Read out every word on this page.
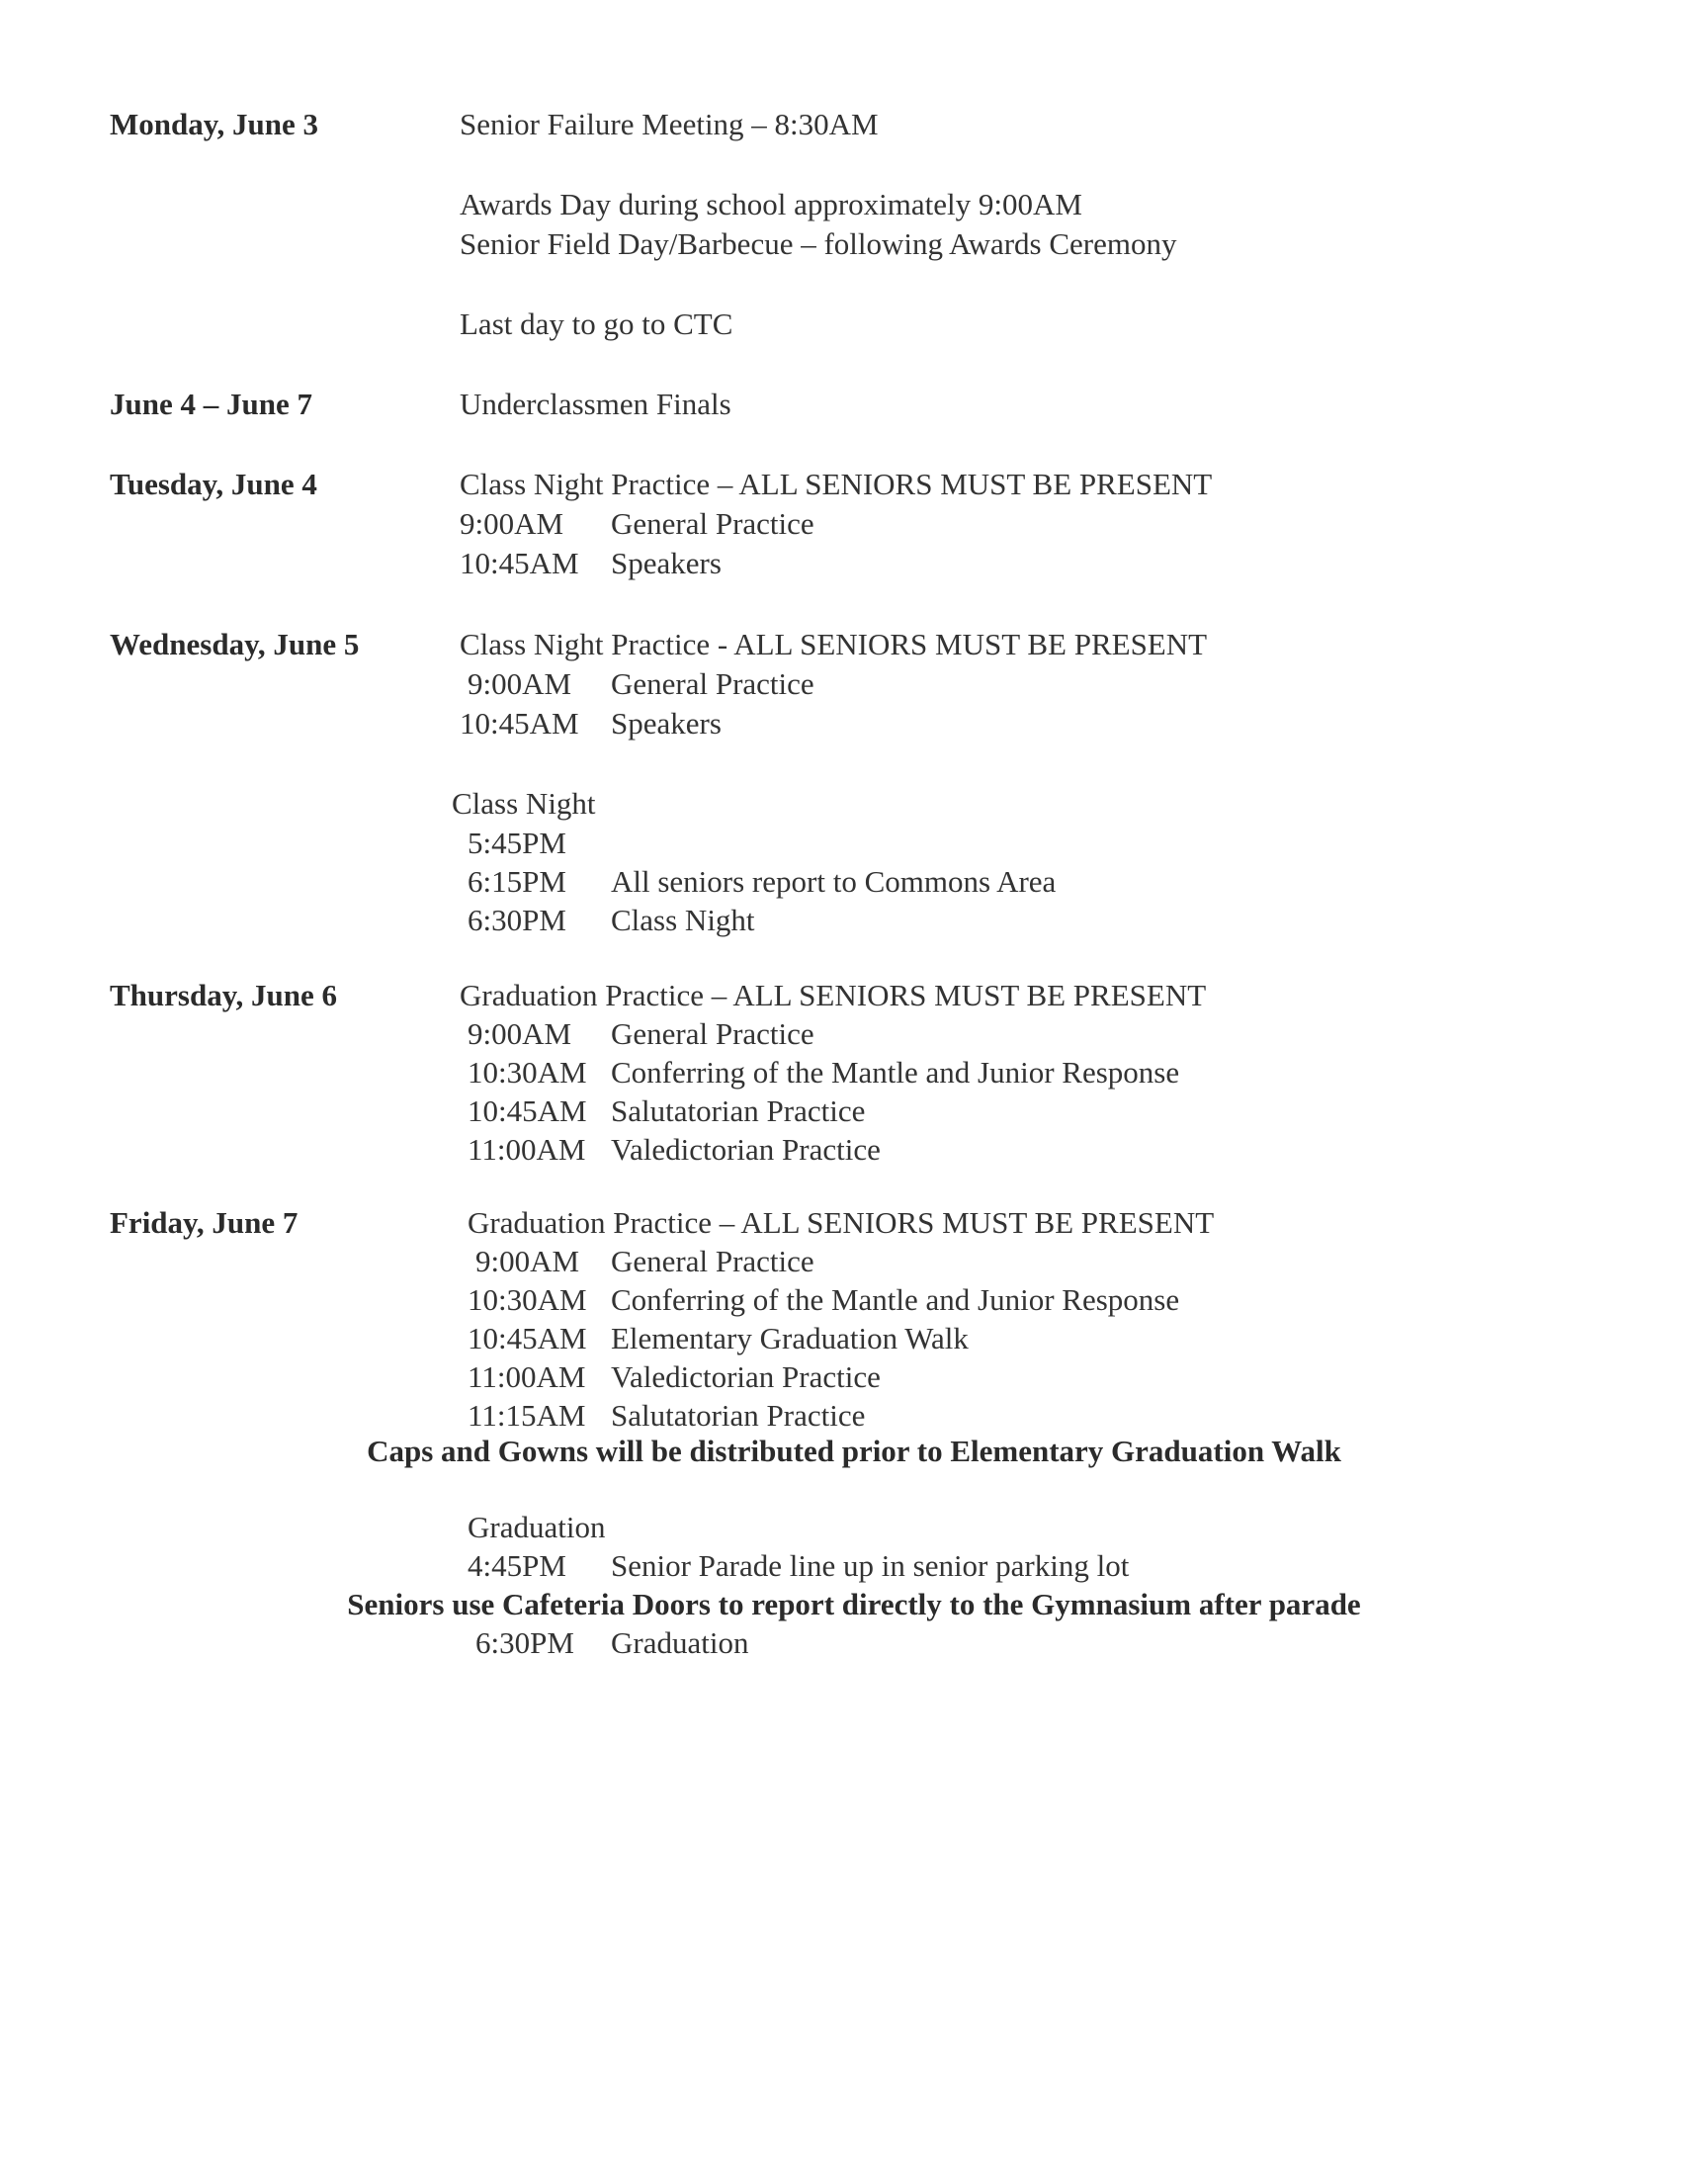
Monday, June 3	Senior Failure Meeting – 8:30AM
Awards Day during school approximately 9:00AM
Senior Field Day/Barbecue – following Awards Ceremony
Last day to go to CTC
June 4 – June 7	Underclassmen Finals
Tuesday, June 4	Class Night Practice – ALL SENIORS MUST BE PRESENT
9:00AM General Practice
10:45AM Speakers
Wednesday, June 5	Class Night Practice - ALL SENIORS MUST BE PRESENT
9:00AM General Practice
10:45AM Speakers
Class Night
5:45PM
6:15PM All seniors report to Commons Area
6:30PM Class Night
Thursday, June 6	Graduation Practice – ALL SENIORS MUST BE PRESENT
9:00AM General Practice
10:30AM Conferring of the Mantle and Junior Response
10:45AM Salutatorian Practice
11:00AM Valedictorian Practice
Friday, June 7	Graduation Practice – ALL SENIORS MUST BE PRESENT
9:00AM General Practice
10:30AM Conferring of the Mantle and Junior Response
10:45AM Elementary Graduation Walk
11:00AM Valedictorian Practice
11:15AM Salutatorian Practice
Caps and Gowns will be distributed prior to Elementary Graduation Walk
Graduation
4:45PM Senior Parade line up in senior parking lot
Seniors use Cafeteria Doors to report directly to the Gymnasium after parade
6:30PM Graduation
